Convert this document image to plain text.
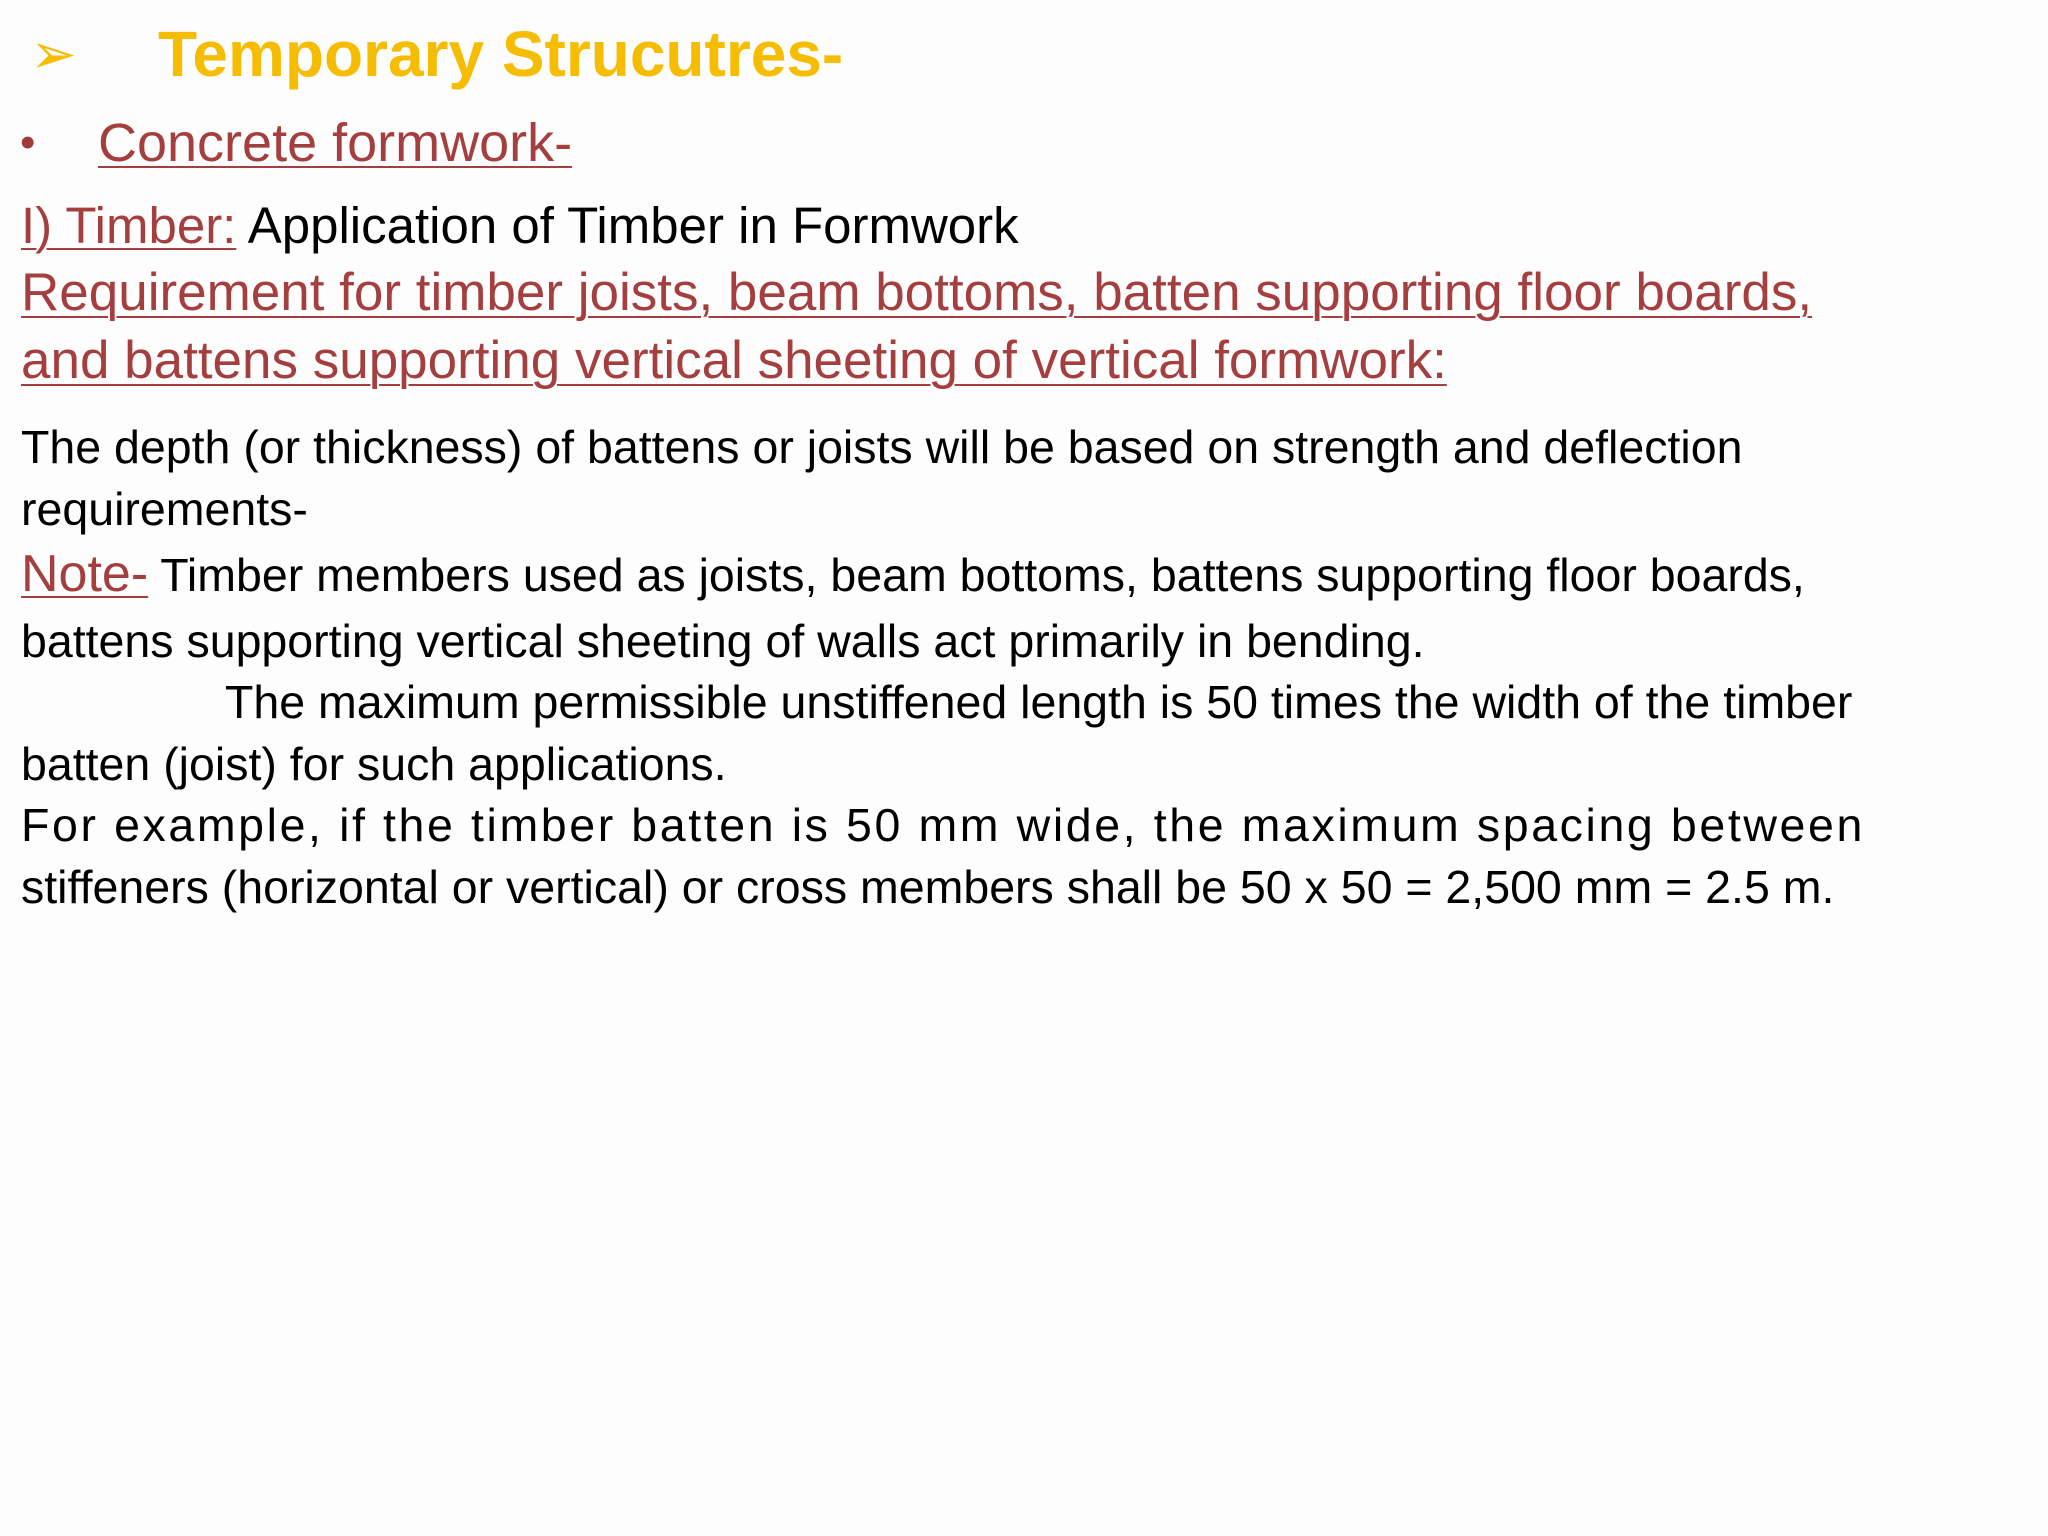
➢	Temporary Strucutres-
•	Concrete formwork-
I) Timber: Application of Timber in Formwork
Requirement for timber joists, beam bottoms, batten supporting floor boards,
and battens supporting vertical sheeting of vertical formwork:
The depth (or thickness) of battens or joists will be based on strength and deflection
requirements-
Note- Timber members used as joists, beam bottoms, battens supporting floor boards,
battens supporting vertical sheeting of walls act primarily in bending.
The maximum permissible unstiffened length is 50 times the width of the timber
batten (joist) for such applications.
For example, if the timber batten is 50 mm wide, the maximum spacing between
stiffeners (horizontal or vertical) or cross members shall be 50 x 50 = 2,500 mm = 2.5 m.
